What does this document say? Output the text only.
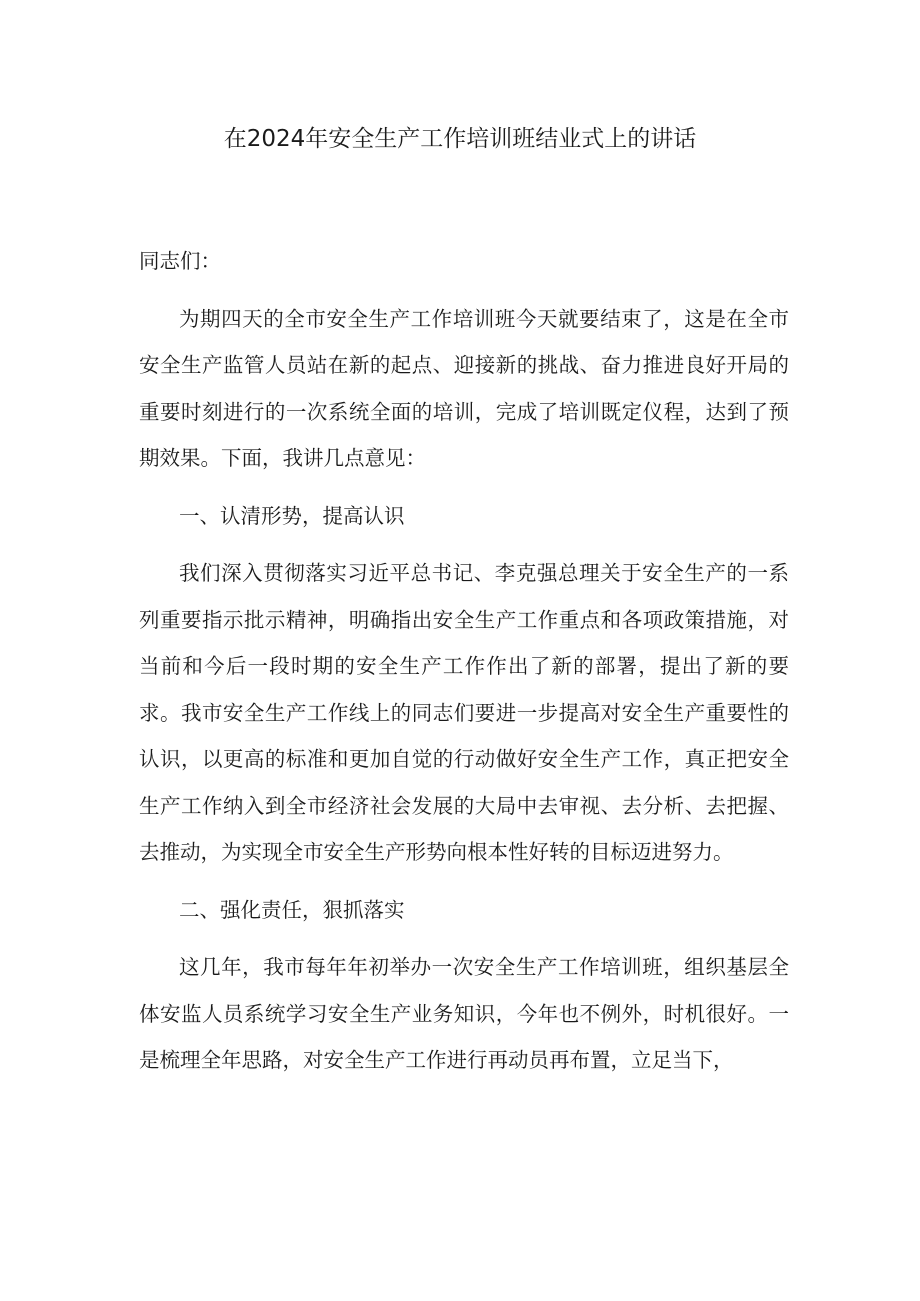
在2024年安全生产工作培训班结业式上的讲话

同志们：

为期四天的全市安全生产工作培训班今天就要结束了，这是在全市安全生产监管人员站在新的起点、迎接新的挑战、奋力推进良好开局的重要时刻进行的一次系统全面的培训，完成了培训既定仪程，达到了预期效果。下面，我讲几点意见：

一、认清形势，提高认识

我们深入贯彻落实习近平总书记、李克强总理关于安全生产的一系列重要指示批示精神，明确指出安全生产工作重点和各项政策措施，对当前和今后一段时期的安全生产工作作出了新的部署，提出了新的要求。我市安全生产工作线上的同志们要进一步提高对安全生产重要性的认识，以更高的标准和更加自觉的行动做好安全生产工作，真正把安全生产工作纳入到全市经济社会发展的大局中去审视、去分析、去把握、去推动，为实现全市安全生产形势向根本性好转的目标迈进努力。

二、强化责任，狠抓落实

这几年，我市每年年初举办一次安全生产工作培训班，组织基层全体安监人员系统学习安全生产业务知识，今年也不例外，时机很好。一是梳理全年思路，对安全生产工作进行再动员再布置，立足当下，
